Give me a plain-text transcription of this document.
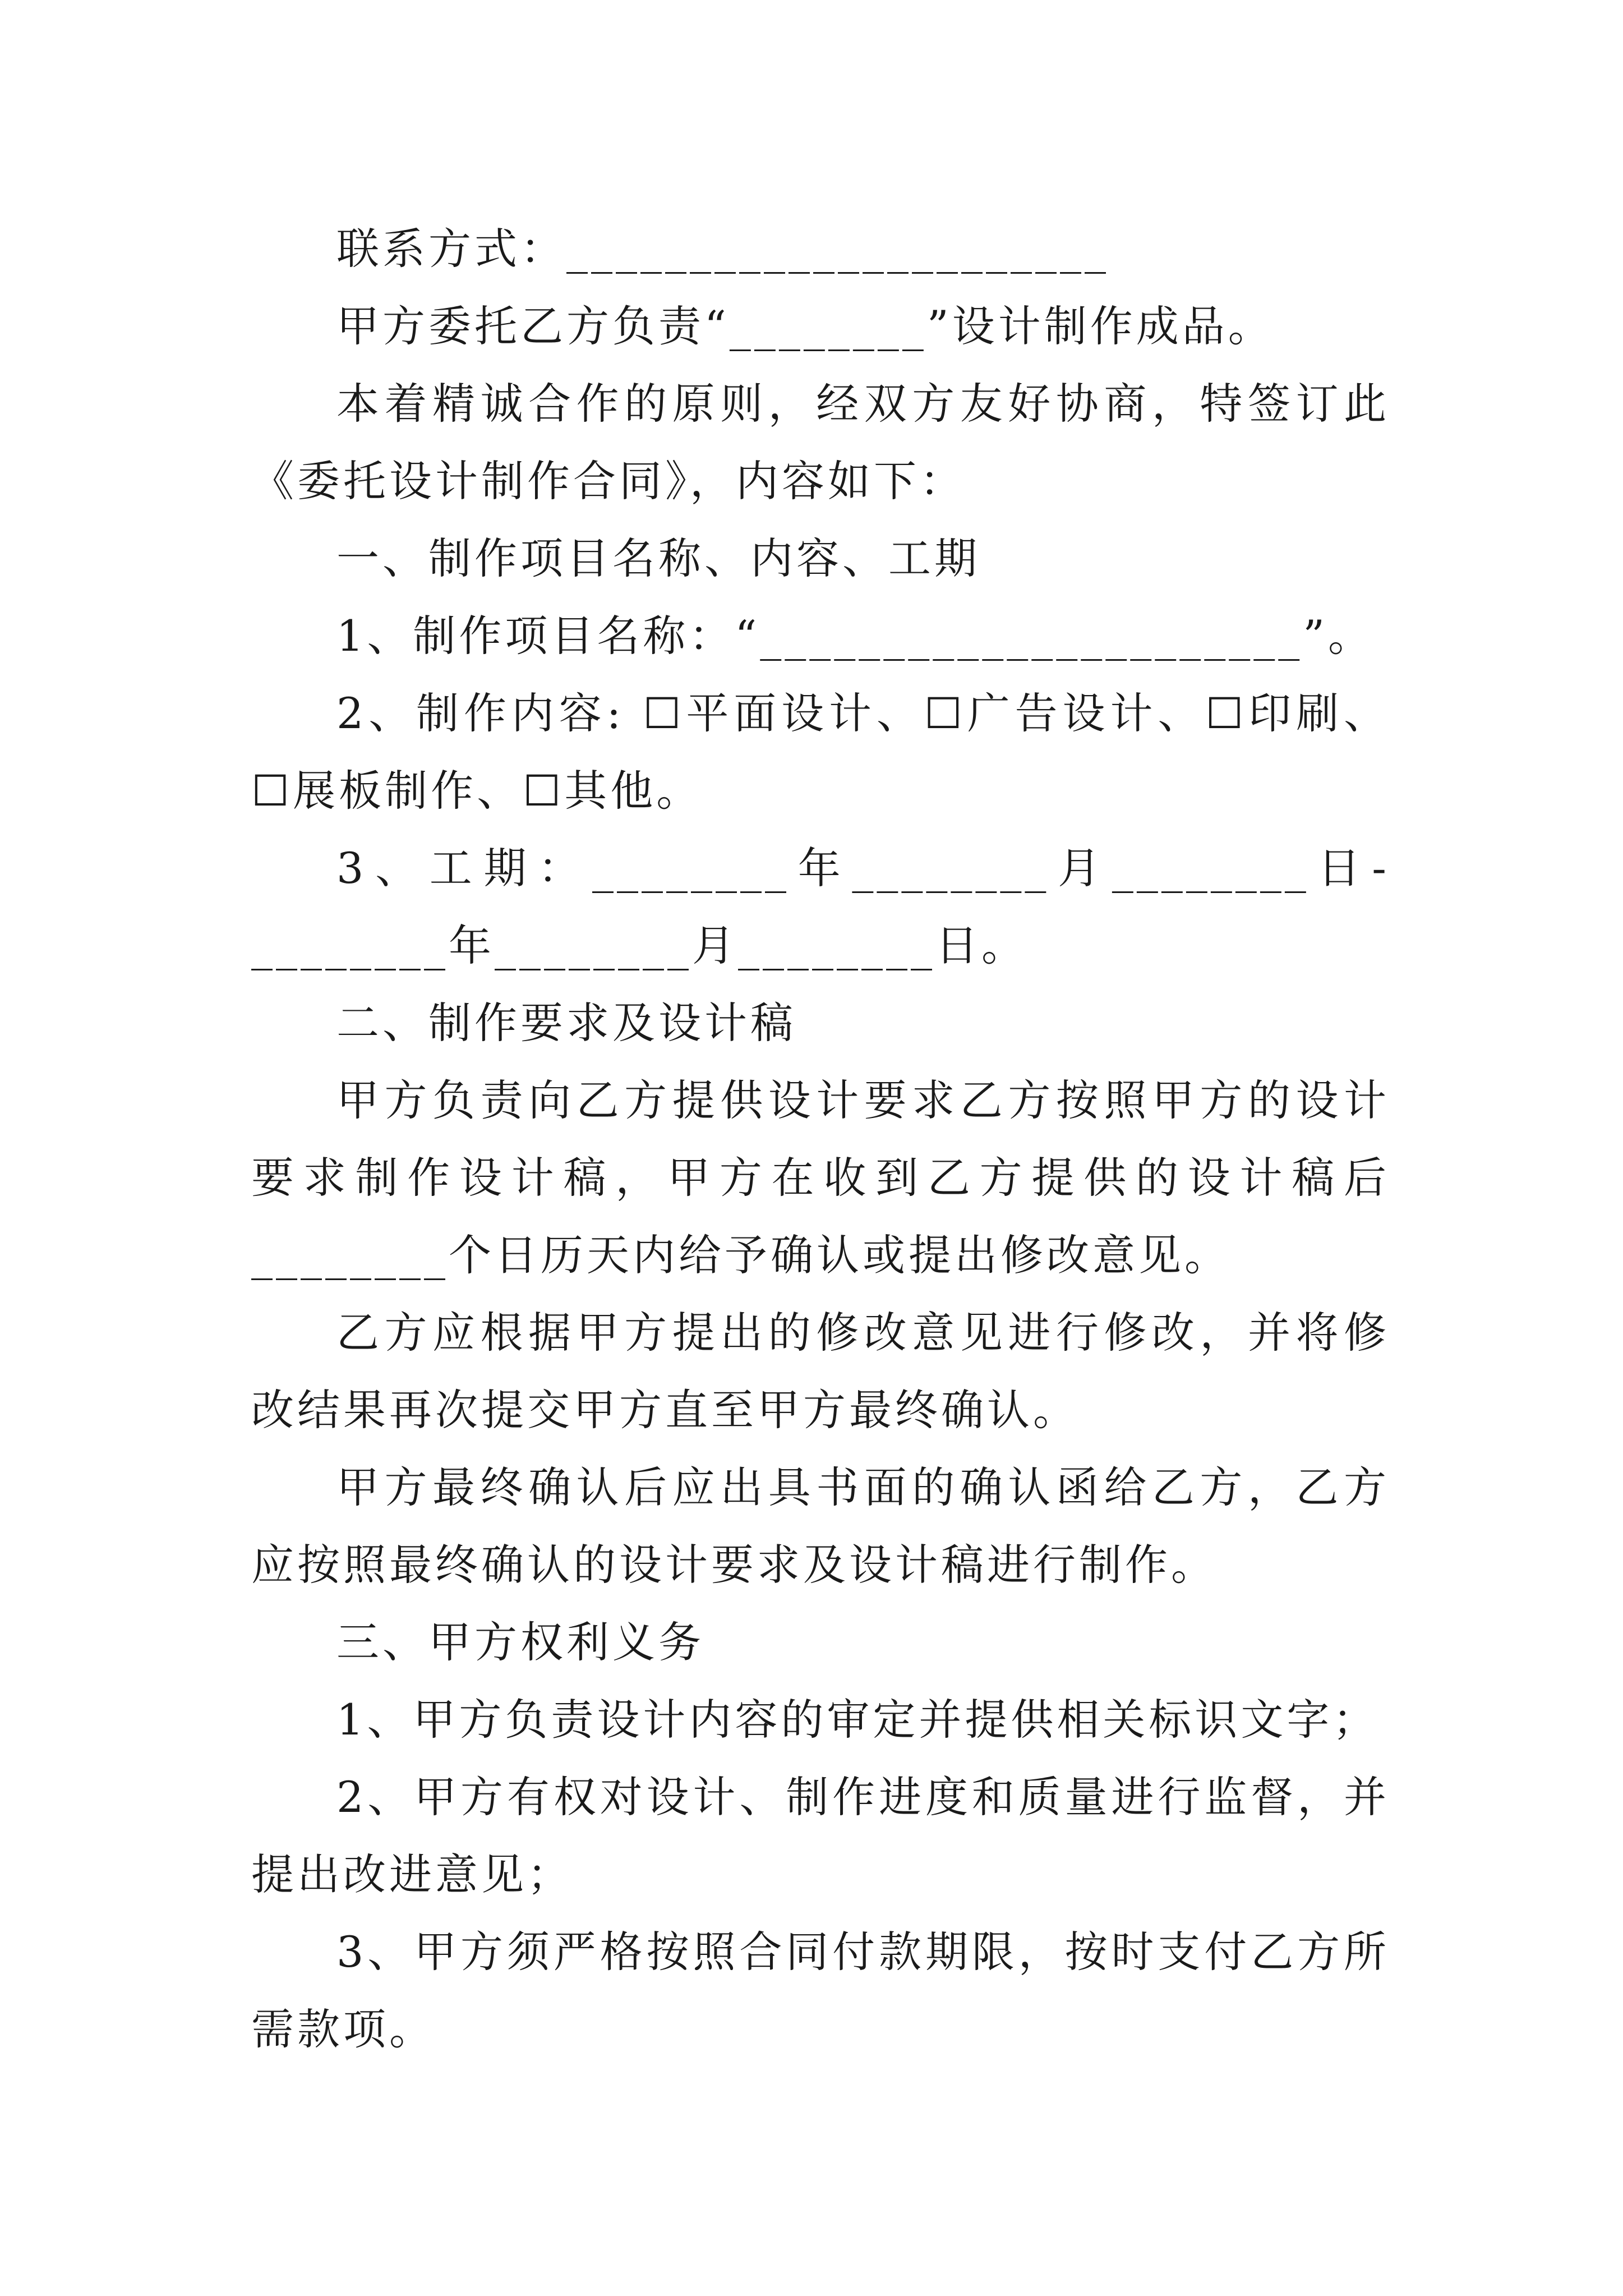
联系方式：______________________

甲方委托乙方负责“________”设计制作成品。

本着精诚合作的原则，经双方友好协商，特签订此《委托设计制作合同》，内容如下：

一、制作项目名称、内容、工期

1、制作项目名称：“______________________”。

2、制作内容: ☐平面设计、☐广告设计、☐印刷、☐展板制作、☐其他。

3、工期：________年________月________日-________年________月________日。

二、制作要求及设计稿

甲方负责向乙方提供设计要求乙方按照甲方的设计要求制作设计稿，甲方在收到乙方提供的设计稿后________个日历天内给予确认或提出修改意见。

乙方应根据甲方提出的修改意见进行修改，并将修改结果再次提交甲方直至甲方最终确认。

甲方最终确认后应出具书面的确认函给乙方，乙方应按照最终确认的设计要求及设计稿进行制作。

三、甲方权利义务

1、甲方负责设计内容的审定并提供相关标识文字；

2、甲方有权对设计、制作进度和质量进行监督，并提出改进意见；

3、甲方须严格按照合同付款期限，按时支付乙方所需款项。
